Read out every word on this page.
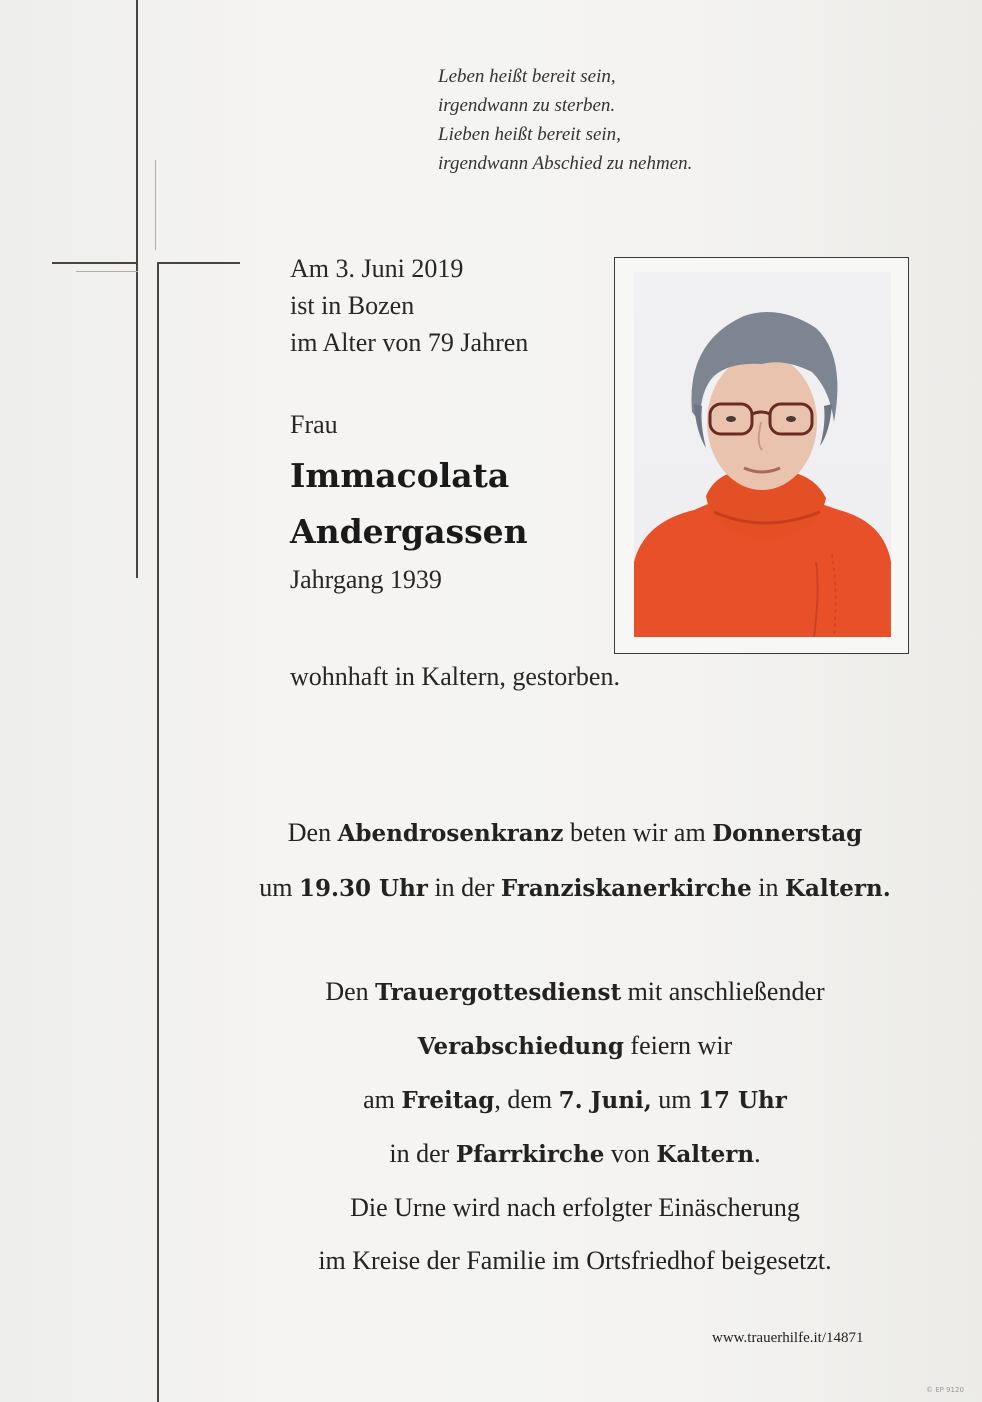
Leben heißt bereit sein,
irgendwann zu sterben.
Lieben heißt bereit sein,
irgendwann Abschied zu nehmen.
Am 3. Juni 2019
ist in Bozen
im Alter von 79 Jahren
Frau
Immacolata
Andergassen
Jahrgang 1939
wohnhaft in Kaltern, gestorben.
Den Abendrosenkranz beten wir am Donnerstag
um 19.30 Uhr in der Franziskanerkirche in Kaltern.
Den Trauergottesdienst mit anschließender
Verabschiedung feiern wir
am Freitag, dem 7. Juni, um 17 Uhr
in der Pfarrkirche von Kaltern.
Die Urne wird nach erfolgter Einäscherung
im Kreise der Familie im Ortsfriedhof beigesetzt.
www.trauerhilfe.it/14871
© EP 9120
